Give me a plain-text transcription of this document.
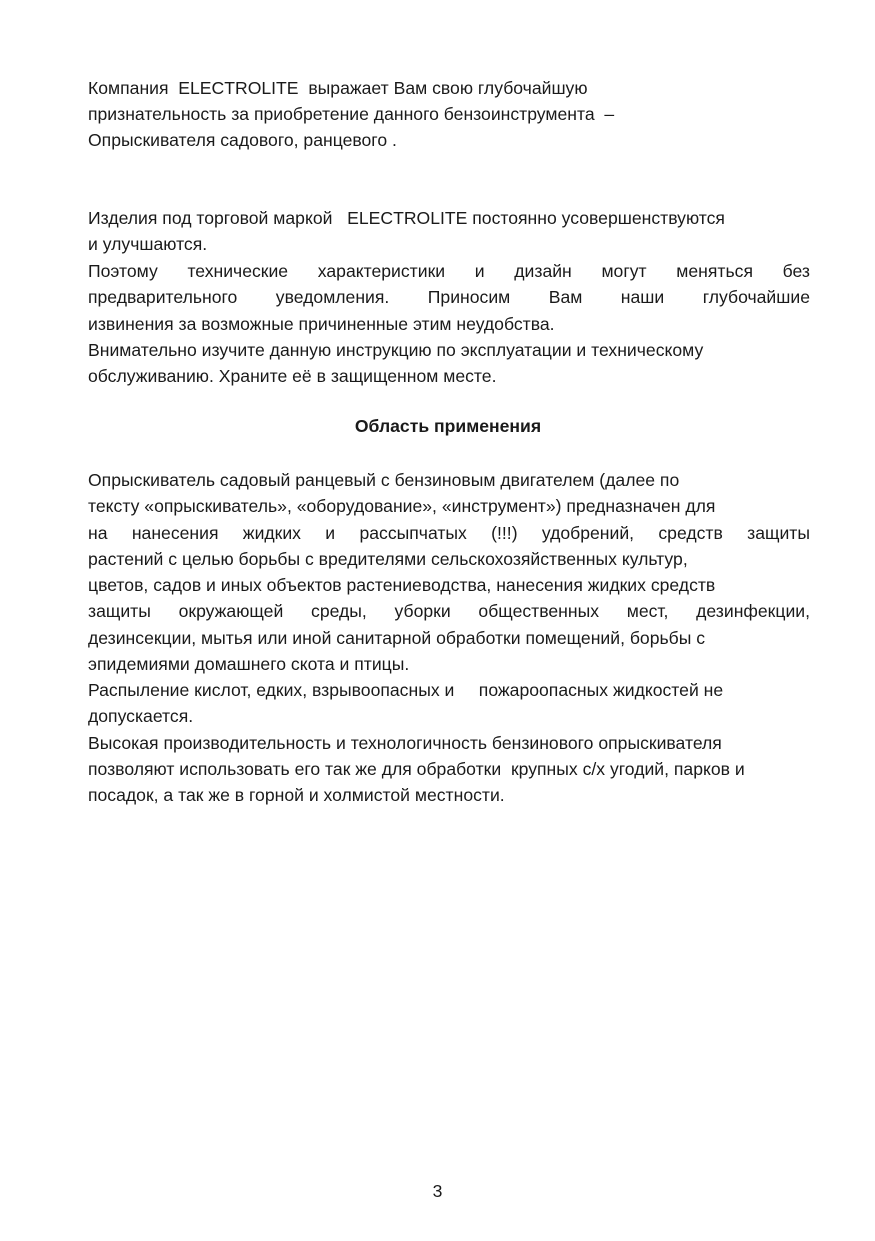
Компания  ELECTROLITE  выражает Вам свою глубочайшую
признательность за приобретение данного бензоинструмента  –
Опрыскивателя садового, ранцевого .
Изделия под торговой маркой   ELECTROLITE постоянно усовершенствуются
и улучшаются.
Поэтому технические характеристики и дизайн могут меняться без
предварительного уведомления. Приносим Вам наши глубочайшие
извинения за возможные причиненные этим неудобства.
Внимательно изучите данную инструкцию по эксплуатации и техническому
обслуживанию. Храните её в защищенном месте.
Область применения
Опрыскиватель садовый ранцевый с бензиновым двигателем (далее по
тексту «опрыскиватель», «оборудование», «инструмент») предназначен для
на нанесения жидких и рассыпчатых (!!!) удобрений, средств защиты
растений с целью борьбы с вредителями сельскохозяйственных культур,
цветов, садов и иных объектов растениеводства, нанесения жидких средств
защиты окружающей среды, уборки общественных мест, дезинфекции,
дезинсекции, мытья или иной санитарной обработки помещений, борьбы с
эпидемиями домашнего скота и птицы.
Распыление кислот, едких, взрывоопасных и     пожароопасных жидкостей не
допускается.
Высокая производительность и технологичность бензинового опрыскивателя
позволяют использовать его так же для обработки  крупных с/х угодий, парков и
посадок, а так же в горной и холмистой местности.
3
